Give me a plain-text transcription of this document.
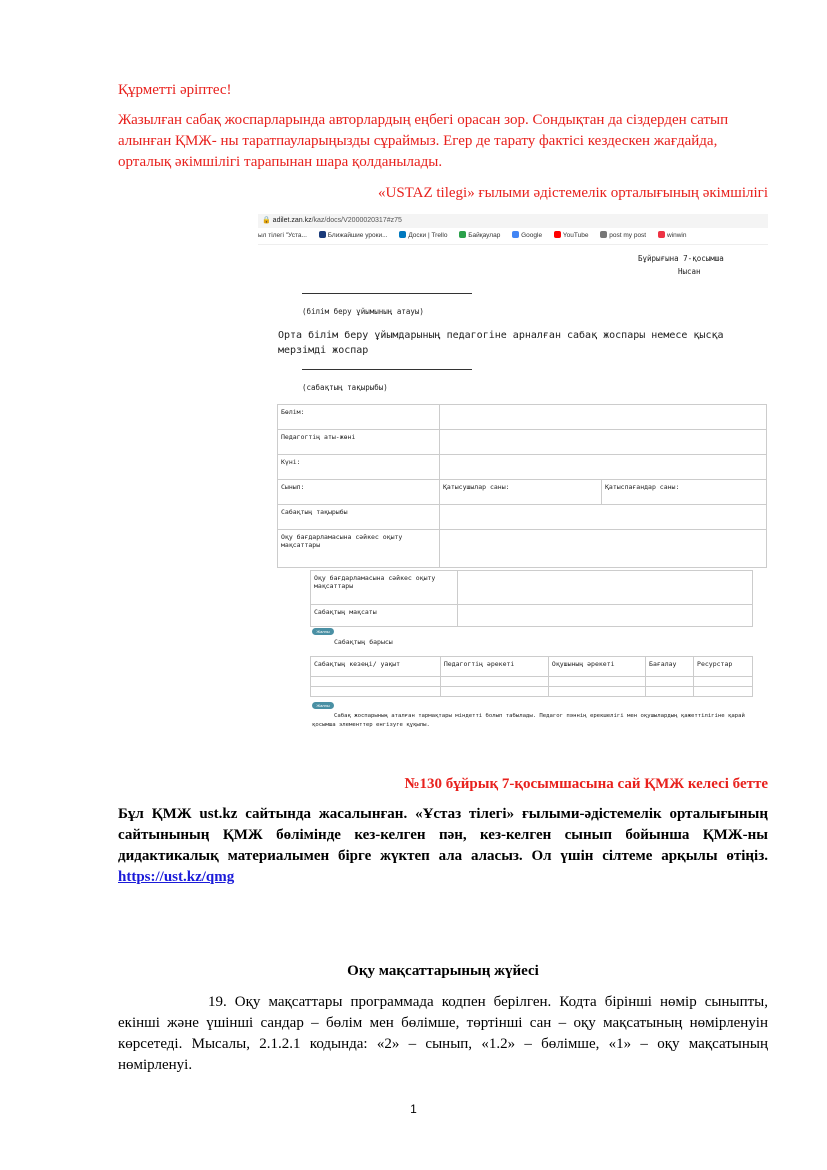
Құрметті әріптес!
Жазылған сабақ жоспарларында авторлардың еңбегі орасан зор. Сондықтан да сіздерден сатып алынған ҚМЖ- ны таратпауларыңызды сұраймыз. Егер де тарату фактісі кездескен жағдайда, орталық әкімшілігі тарапынан шара қолданылады.
«USTAZ tilegi» ғылыми әдістемелік орталығының әкімшілігі
🔒 adilet.zan.kz/kaz/docs/V2000020317#z75
ыл тілегі "Уста...	Ближайшие уроки...	Доски | Trello	Байқаулар	Google	YouTube	post my post	winwin
Бұйрығына 7-қосымша
Нысан
(білім беру ұйымының атауы)
Орта білім беру ұйымдарының педагогіне арналған сабақ жоспары немесе қысқа мерзімді жоспар
(сабақтың тақырыбы)
Бөлім:		
Педагогтің аты-жөні		
Күні:		
Сынып:	Қатысушылар саны:	Қатыспағандар саны:
Сабақтың тақырыбы		
Оқу бағдарламасына сәйкес оқыту мақсаттары		
Оқу бағдарламасына сәйкес оқыту мақсаттары	
Сабақтың мақсаты	
Жалпы
Сабақтың барысы
Сабақтың кезеңі/ уақыт	Педагогтің әрекеті	Оқушының әрекеті	Бағалау	Ресурстар

Жалпы
Сабақ жоспарының аталған тармақтары міндетті болып табылады. Педагог пәннің ерекшелігі мен оқушылардың қажеттілігіне қарай қосымша элементтер енгізуге құқылы.
№130 бұйрық 7-қосымшасына сай ҚМЖ келесі бетте
Бұл ҚМЖ ust.kz сайтында жасалынған. «Ұстаз тілегі» ғылыми-әдістемелік орталығының сайтынының ҚМЖ бөлімінде кез-келген пән, кез-келген сынып бойынша ҚМЖ-ны дидактикалық материалымен бірге жүктеп ала аласыз. Ол үшін сілтеме арқылы өтіңіз. https://ust.kz/qmg
Оқу мақсаттарының жүйесі
19. Оқу мақсаттары программада кодпен берілген. Кодта бірінші нөмір сыныпты, екінші және үшінші сандар – бөлім мен бөлімше, төртінші сан – оқу мақсатының нөмірленуін көрсетеді. Мысалы, 2.1.2.1 кодында: «2» – сынып, «1.2» – бөлімше, «1» – оқу мақсатының нөмірленуі.
1
